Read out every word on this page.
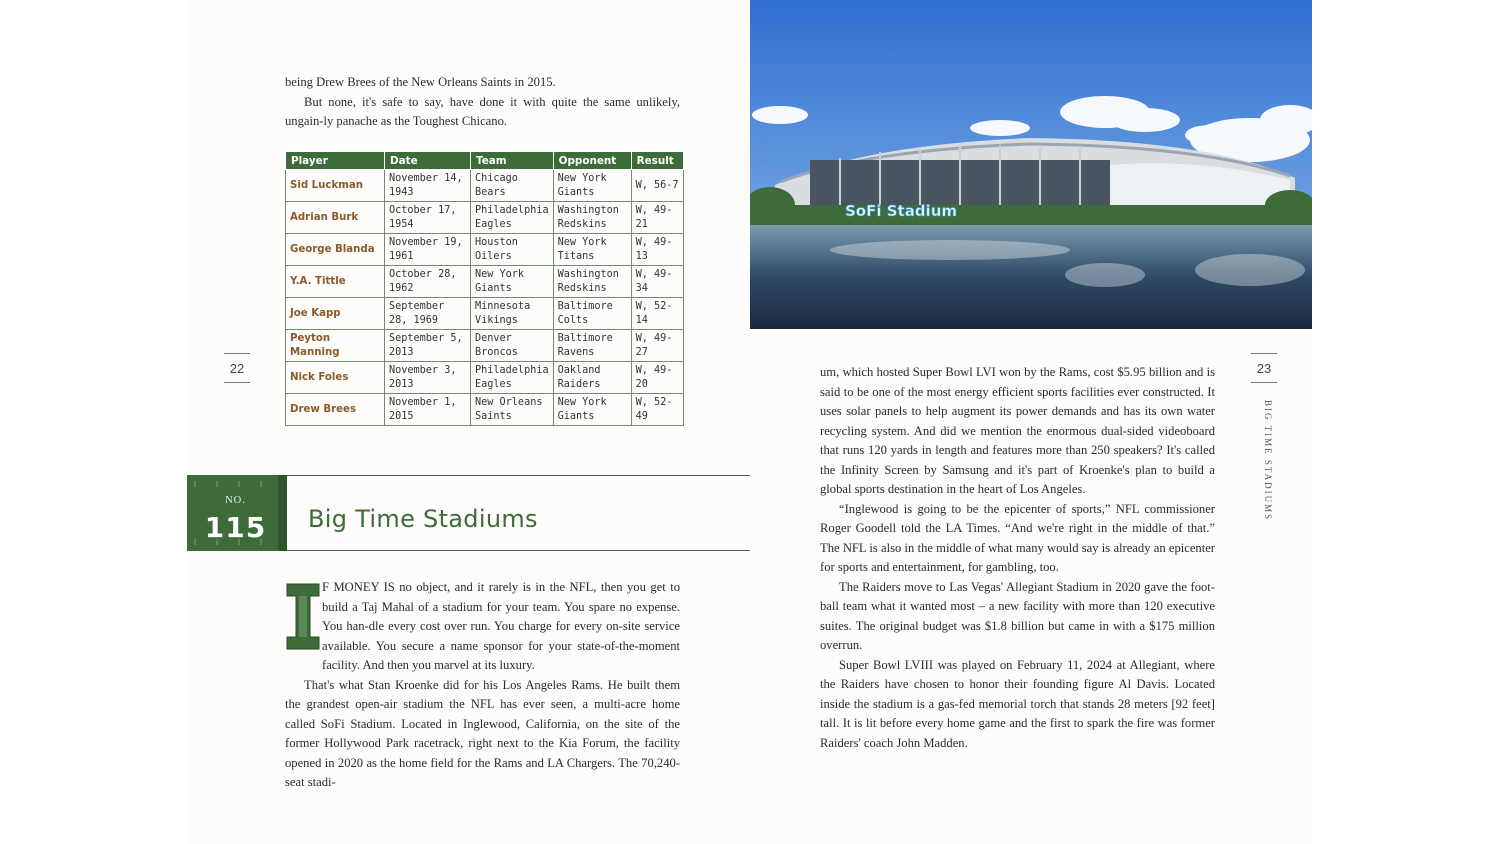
being Drew Brees of the New Orleans Saints in 2015.

But none, it's safe to say, have done it with quite the same unlikely, ungain-ly panache as the Toughest Chicano.

Player	Date	Team	Opponent	Result
Sid Luckman	November 14, 1943	Chicago Bears	New York Giants	W, 56-7
Adrian Burk	October 17, 1954	Philadelphia Eagles	Washington Redskins	W, 49-21
George Blanda	November 19, 1961	Houston Oilers	New York Titans	W, 49-13
Y.A. Tittle	October 28, 1962	New York Giants	Washington Redskins	W, 49-34
Joe Kapp	September 28, 1969	Minnesota Vikings	Baltimore Colts	W, 52-14
Peyton Manning	September 5, 2013	Denver Broncos	Baltimore Ravens	W, 49-27
Nick Foles	November 3, 2013	Philadelphia Eagles	Oakland Raiders	W, 49-20
Drew Brees	November 1, 2015	New Orleans Saints	New York Giants	W, 52-49
22
NO.
115	Big Time Stadiums
I

F MONEY IS no object, and it rarely is in the NFL, then you get to build a Taj Mahal of a stadium for your team. You spare no expense. You han-dle every cost over run. You charge for every on-site service available. You secure a name sponsor for your state-of-the-moment facility. And then you marvel at its luxury.

That's what Stan Kroenke did for his Los Angeles Rams. He built them the grandest open-air stadium the NFL has ever seen, a multi-acre home called SoFi Stadium. Located in Inglewood, California, on the site of the former Hollywood Park racetrack, right next to the Kia Forum, the facility opened in 2020 as the home field for the Rams and LA Chargers. The 70,240-seat stadi-

SoFi Stadium
23
BIG TIME STADIUMS

um, which hosted Super Bowl LVI won by the Rams, cost $5.95 billion and is said to be one of the most energy efficient sports facilities ever constructed. It uses solar panels to help augment its power demands and has its own water recycling system. And did we mention the enormous dual-sided videoboard that runs 120 yards in length and features more than 250 speakers? It's called the Infinity Screen by Samsung and it's part of Kroenke's plan to build a global sports destination in the heart of Los Angeles.

“Inglewood is going to be the epicenter of sports,” NFL commissioner Roger Goodell told the LA Times. “And we're right in the middle of that.” The NFL is also in the middle of what many would say is already an epicenter for sports and entertainment, for gambling, too.

The Raiders move to Las Vegas' Allegiant Stadium in 2020 gave the foot-ball team what it wanted most – a new facility with more than 120 executive suites. The original budget was $1.8 billion but came in with a $175 million overrun.

Super Bowl LVIII was played on February 11, 2024 at Allegiant, where the Raiders have chosen to honor their founding figure Al Davis. Located inside the stadium is a gas-fed memorial torch that stands 28 meters [92 feet] tall. It is lit before every home game and the first to spark the fire was former Raiders' coach John Madden.
